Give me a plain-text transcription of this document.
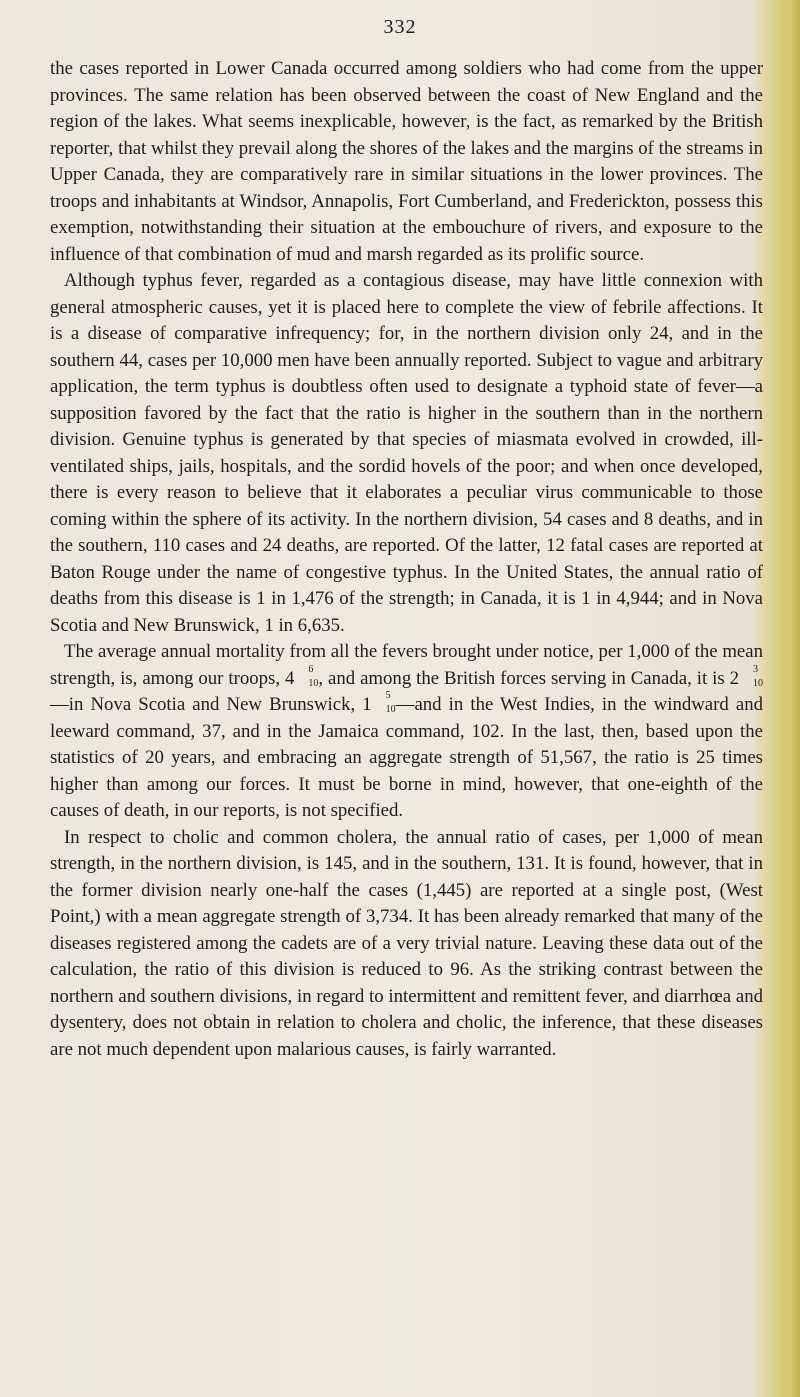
332

the cases reported in Lower Canada occurred among soldiers who had come from the upper provinces. The same relation has been observed between the coast of New England and the region of the lakes. What seems inexplicable, however, is the fact, as remarked by the British reporter, that whilst they prevail along the shores of the lakes and the margins of the streams in Upper Canada, they are comparatively rare in similar situations in the lower provinces. The troops and inhabitants at Windsor, Annapolis, Fort Cumberland, and Frederickton, possess this exemption, notwithstanding their situation at the embouchure of rivers, and exposure to the influence of that combination of mud and marsh regarded as its prolific source.

Although typhus fever, regarded as a contagious disease, may have little connexion with general atmospheric causes, yet it is placed here to complete the view of febrile affections. It is a disease of comparative infrequency; for, in the northern division only 24, and in the southern 44, cases per 10,000 men have been annually reported. Subject to vague and arbitrary application, the term typhus is doubtless often used to designate a typhoid state of fever—a supposition favored by the fact that the ratio is higher in the southern than in the northern division. Genuine typhus is generated by that species of miasmata evolved in crowded, ill-ventilated ships, jails, hospitals, and the sordid hovels of the poor; and when once developed, there is every reason to believe that it elaborates a peculiar virus communicable to those coming within the sphere of its activity. In the northern division, 54 cases and 8 deaths, and in the southern, 110 cases and 24 deaths, are reported. Of the latter, 12 fatal cases are reported at Baton Rouge under the name of congestive typhus. In the United States, the annual ratio of deaths from this disease is 1 in 1,476 of the strength; in Canada, it is 1 in 4,944; and in Nova Scotia and New Brunswick, 1 in 6,635.

The average annual mortality from all the fevers brought under notice, per 1,000 of the mean strength, is, among our troops, 4	6
10 , and among the British forces serving in Canada, it is 2	3
10
—in Nova Scotia and New Brunswick, 1	5
10 —and in the West Indies, in the windward and leeward command, 37, and in the Jamaica command, 102. In the last, then, based upon the statistics of 20 years, and embracing an aggregate strength of 51,567, the ratio is 25 times higher than among our forces. It must be borne in mind, however, that one-eighth of the causes of death, in our reports, is not specified.

In respect to cholic and common cholera, the annual ratio of cases, per 1,000 of mean strength, in the northern division, is 145, and in the southern, 131. It is found, however, that in the former division nearly one-half the cases (1,445) are reported at a single post, (West Point,) with a mean aggregate strength of 3,734. It has been already remarked that many of the diseases registered among the cadets are of a very trivial nature. Leaving these data out of the calculation, the ratio of this division is reduced to 96. As the striking contrast between the northern and southern divisions, in regard to intermittent and remittent fever, and diarrhœa and dysentery, does not obtain in relation to cholera and cholic, the inference, that these diseases are not much dependent upon malarious causes, is fairly warranted.
